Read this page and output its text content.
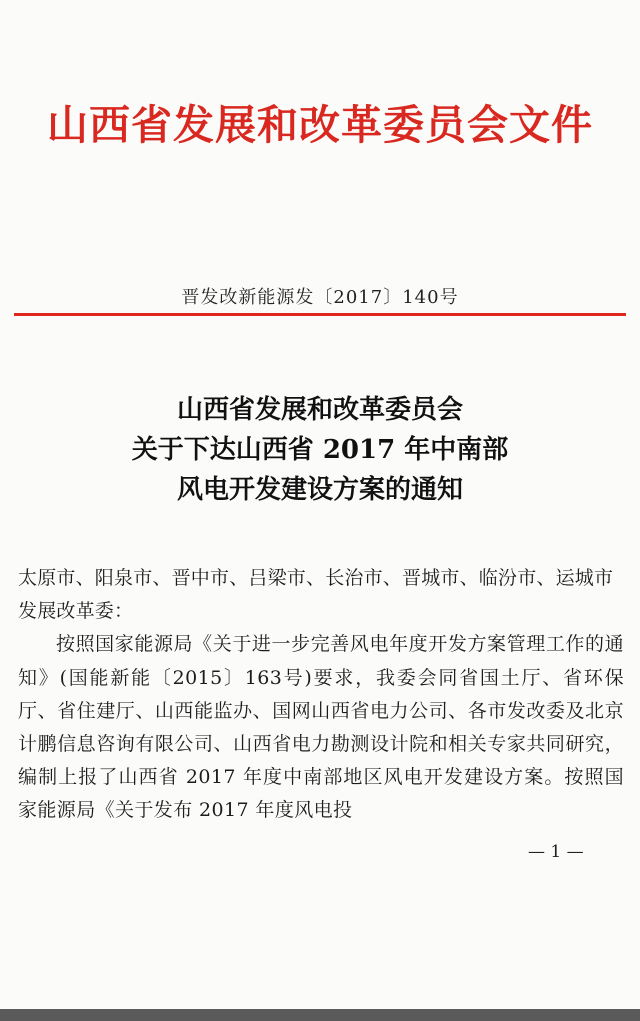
山西省发展和改革委员会文件
晋发改新能源发〔2017〕140号
山西省发展和改革委员会
关于下达山西省 2017 年中南部
风电开发建设方案的通知

太原市、阳泉市、晋中市、吕梁市、长治市、晋城市、临汾市、运城市发展改革委：

按照国家能源局《关于进一步完善风电年度开发方案管理工作的通知》(国能新能〔2015〕163号)要求，我委会同省国土厅、省环保厅、省住建厅、山西能监办、国网山西省电力公司、各市发改委及北京计鹏信息咨询有限公司、山西省电力勘测设计院和相关专家共同研究，编制上报了山西省 2017 年度中南部地区风电开发建设方案。按照国家能源局《关于发布 2017 年度风电投

— 1 —
